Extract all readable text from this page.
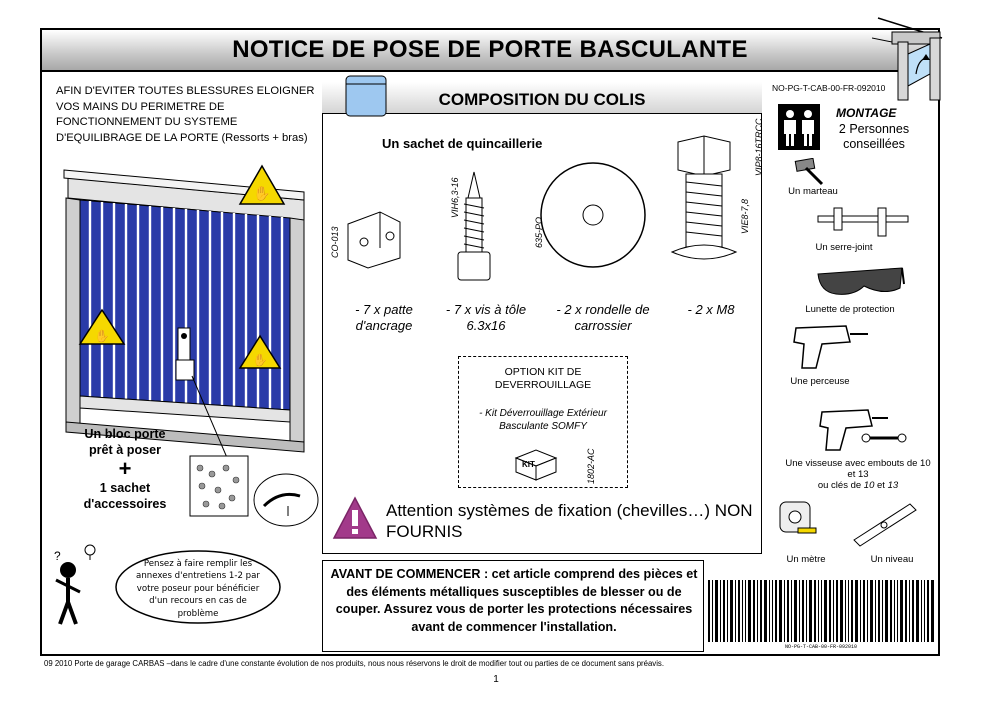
NOTICE DE POSE DE PORTE BASCULANTE
AFIN D'EVITER TOUTES BLESSURES ELOIGNER VOS MAINS DU PERIMETRE DE FONCTIONNEMENT DU SYSTEME D'EQUILIBRAGE DE LA PORTE (Ressorts + bras)
✋
✋
✋
Un bloc porte
prêt à poser
+
1 sachet
d'accessoires
?
Pensez à faire remplir les annexes d'entretiens 1-2 par votre poseur pour bénéficier d'un recours en cas de problème
COMPOSITION DU COLIS
Un sachet de quincaillerie
CO-013
VIH6,3-16
635-PO	VIE8-7,8
VIP8-16TRCC
- 7 x patte d'ancrage
- 7 x vis à tôle 6.3x16
- 2 x rondelle de carrossier
- 2 x M8
OPTION KIT DE DEVERROUILLAGE
- Kit Déverrouillage Extérieur Basculante SOMFY
KIT	1802-AC
Attention systèmes de fixation (chevilles…) NON FOURNIS
AVANT DE COMMENCER : cet article comprend des pièces et des éléments métalliques susceptibles de blesser ou de couper. Assurez vous de porter les protections nécessaires avant de commencer l'installation.
NO-PG-T-CAB-00-FR-092010
MONTAGE
2 Personnes conseillées
Un marteau
Un serre-joint
Lunette de protection
Une perceuse
Une visseuse avec embouts de 10 et 13
ou clés de 10 et 13
Un mètre	Un niveau
NO-PG-T-CAB-00-FR-092010
09 2010 Porte de garage CARBAS –dans le cadre d'une constante évolution de nos produits, nous nous réservons le droit de modifier tout ou parties de ce document sans préavis.
1
